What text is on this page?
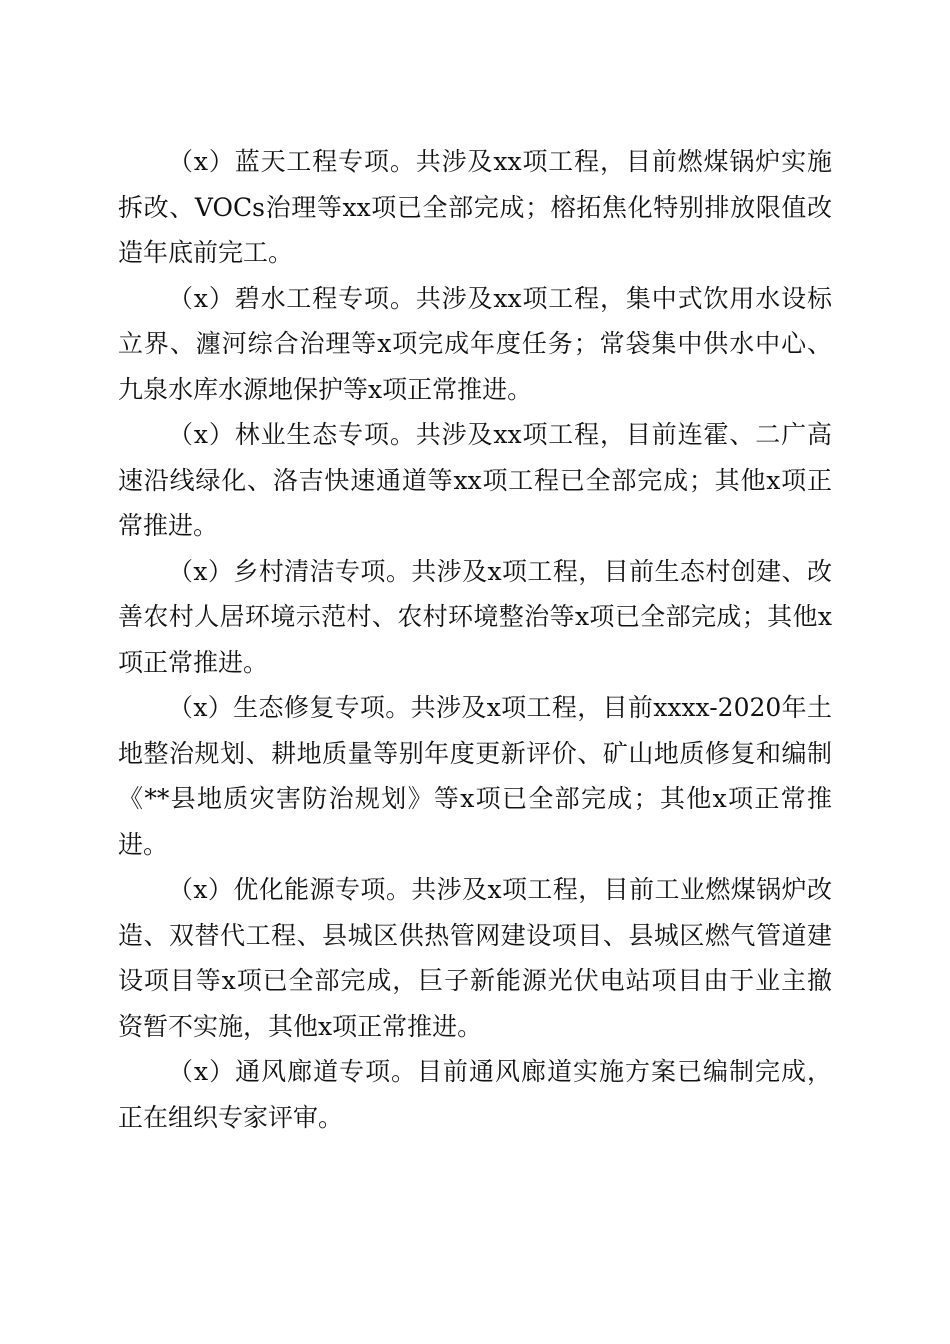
（x）蓝天工程专项。共涉及xx项工程，目前燃煤锅炉实施拆改、VOCs治理等xx项已全部完成；榕拓焦化特别排放限值改造年底前完工。

（x）碧水工程专项。共涉及xx项工程，集中式饮用水设标立界、瀍河综合治理等x项完成年度任务；常袋集中供水中心、九泉水库水源地保护等x项正常推进。

（x）林业生态专项。共涉及xx项工程，目前连霍、二广高速沿线绿化、洛吉快速通道等xx项工程已全部完成；其他x项正常推进。

（x）乡村清洁专项。共涉及x项工程，目前生态村创建、改善农村人居环境示范村、农村环境整治等x项已全部完成；其他x项正常推进。

（x）生态修复专项。共涉及x项工程，目前xxxx-2020年土地整治规划、耕地质量等别年度更新评价、矿山地质修复和编制《**县地质灾害防治规划》等x项已全部完成；其他x项正常推进。

（x）优化能源专项。共涉及x项工程，目前工业燃煤锅炉改造、双替代工程、县城区供热管网建设项目、县城区燃气管道建设项目等x项已全部完成，巨子新能源光伏电站项目由于业主撤资暂不实施，其他x项正常推进。

（x）通风廊道专项。目前通风廊道实施方案已编制完成，正在组织专家评审。
